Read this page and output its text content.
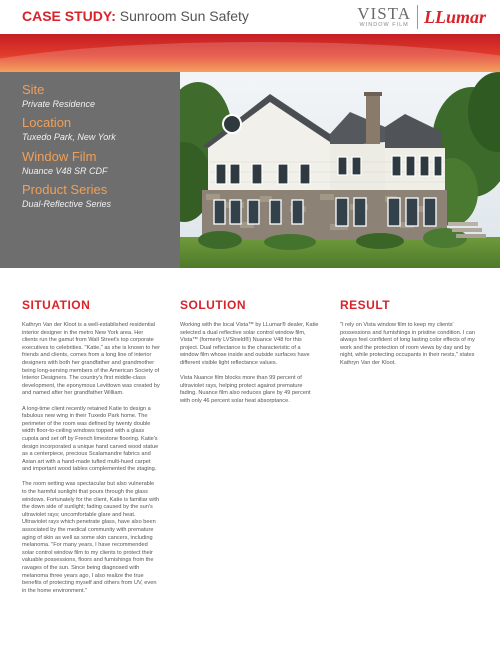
CASE STUDY: Sunroom Sun Safety	VISTA
WINDOW FILM LLumar
Site
Private Residence
Location
Tuxedo Park, New York
Window Film
Nuance V48 SR CDF
Product Series
Dual-Reflective Series
SITUATION

Kathryn Van der Kloot is a well-established residential interior designer in the metro New York area. Her clients run the gamut from Wall Street's top corporate executives to celebrities. "Katie," as she is known to her friends and clients, comes from a long line of interior designers with both her grandfather and grandmother being long-serving members of the American Society of Interior Designers. The country's first middle-class development, the eponymous Levittown was created by and named after her grandfather William.

A long-time client recently retained Katie to design a fabulous new wing in their Tuxedo Park home. The perimeter of the room was defined by twenty double width floor-to-ceiling windows topped with a glass cupola and set off by French limestone flooring. Katie's design incorporated a unique hand carved wood statue as a centerpiece, precious Scalamandre fabrics and Asian art with a hand-made tufted multi-hued carpet and important wood tables complemented the staging.

The room setting was spectacular but also vulnerable to the harmful sunlight that pours through the glass windows. Fortunately for the client, Katie is familiar with the down side of sunlight; fading caused by the sun's ultraviolet rays; uncomfortable glare and heat. Ultraviolet rays which penetrate glass, have also been associated by the medical community with premature aging of skin as well as some skin cancers, including melanoma. "For many years, I have recommended solar control window film to my clients to protect their valuable possessions, floors and furnishings from the ravages of the sun. Since being diagnosed with melanoma three years ago, I also realize the true benefits of protecting myself and others from UV, even in the home environment."

SOLUTION

Working with the local Vista™ by LLumar® dealer, Katie selected a dual reflective solar control window film, Vista™ (formerly LVShield®) Nuance V48 for this project. Dual reflectance is the characteristic of a window film whose inside and outside surfaces have different visible light reflectance values.

Vista Nuance film blocks more than 99 percent of ultraviolet rays, helping protect against premature fading. Nuance film also reduces glare by 49 percent with only 46 percent solar heat absorptance.

RESULT

"I rely on Vista window film to keep my clients' possessions and furnishings in pristine condition. I can always feel confident of long lasting color effects of my work and the protection of room views by day and by night, while protecting occupants in their nests," states Kathryn Van der Kloot.
